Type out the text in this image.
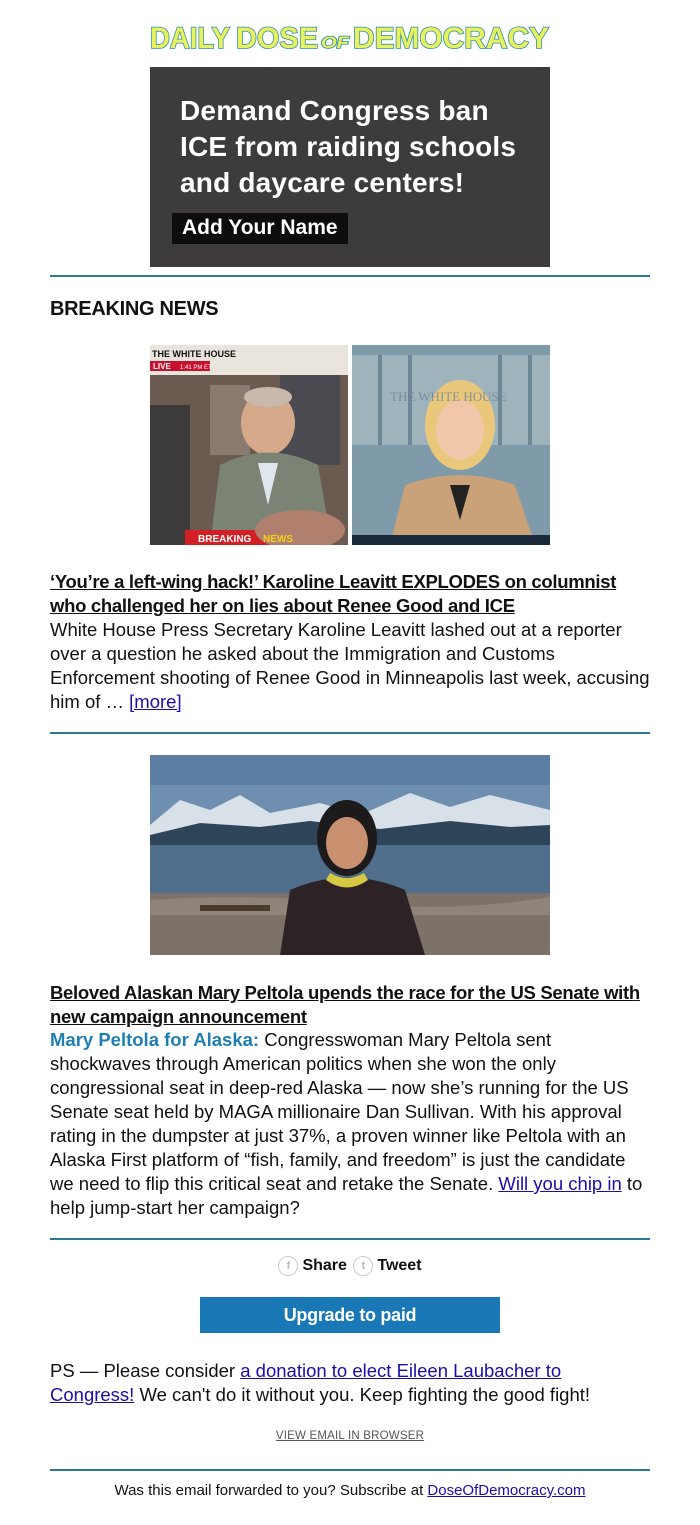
DAILY DOSE OF DEMOCRACY
Demand Congress ban ICE from raiding schools and daycare centers!
Add Your Name
BREAKING NEWS
THE WHITE HOUSE
LIVE 1:41 PM ET
THE WHITE HOUSE
BREAKING NEWS
‘You’re a left-wing hack!’ Karoline Leavitt EXPLODES on columnist who challenged her on lies about Renee Good and ICE
White House Press Secretary Karoline Leavitt lashed out at a reporter over a question he asked about the Immigration and Customs Enforcement shooting of Renee Good in Minneapolis last week, accusing him of … [more]
Beloved Alaskan Mary Peltola upends the race for the US Senate with new campaign announcement
Mary Peltola for Alaska: Congresswoman Mary Peltola sent shockwaves through American politics when she won the only congressional seat in deep-red Alaska — now she’s running for the US Senate seat held by MAGA millionaire Dan Sullivan. With his approval rating in the dumpster at just 37%, a proven winner like Peltola with an Alaska First platform of “fish, family, and freedom” is just the candidate we need to flip this critical seat and retake the Senate. Will you chip in to help jump-start her campaign?
f Share
	t Tweet
Upgrade to paid
PS — Please consider a donation to elect Eileen Laubacher to Congress! We can't do it without you. Keep fighting the good fight!
VIEW EMAIL IN BROWSER
Was this email forwarded to you? Subscribe at DoseOfDemocracy.com
